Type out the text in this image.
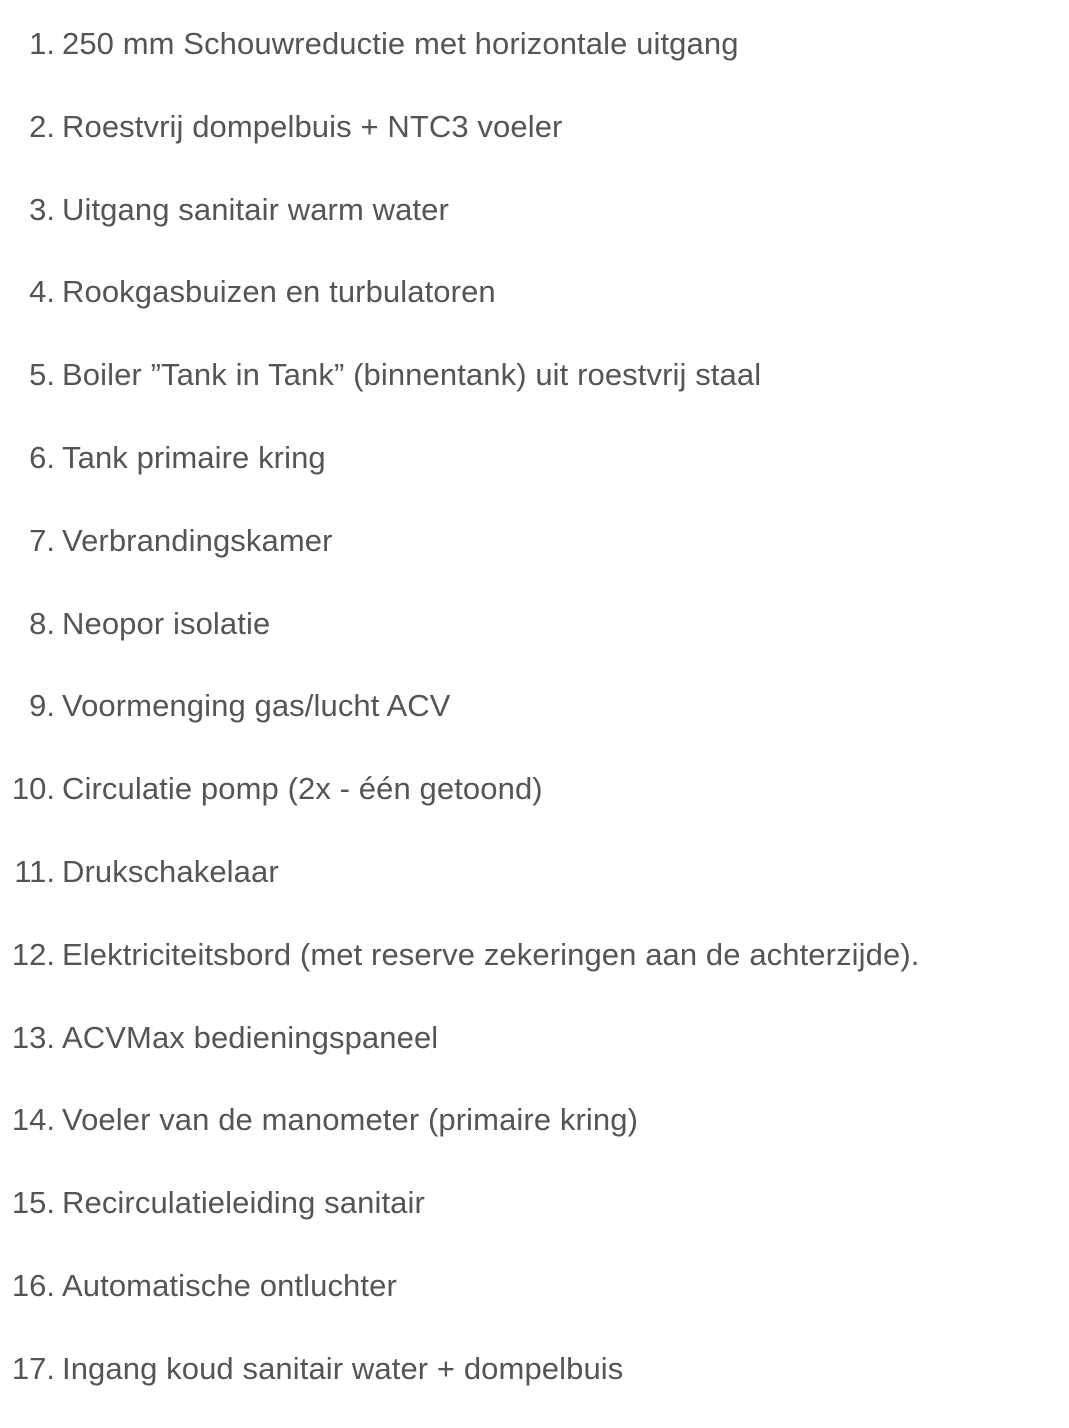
1. 250 mm Schouwreductie met horizontale uitgang
2. Roestvrij dompelbuis + NTC3 voeler
3. Uitgang sanitair warm water
4. Rookgasbuizen en turbulatoren
5. Boiler ”Tank in Tank” (binnentank) uit roestvrij staal
6. Tank primaire kring
7. Verbrandingskamer
8. Neopor isolatie
9. Voormenging gas/lucht ACV
10. Circulatie pomp (2x - één getoond)
11. Drukschakelaar
12. Elektriciteitsbord (met reserve zekeringen aan de achterzijde).
13. ACVMax bedieningspaneel
14. Voeler van de manometer (primaire kring)
15. Recirculatieleiding sanitair
16. Automatische ontluchter
17. Ingang koud sanitair water + dompelbuis
